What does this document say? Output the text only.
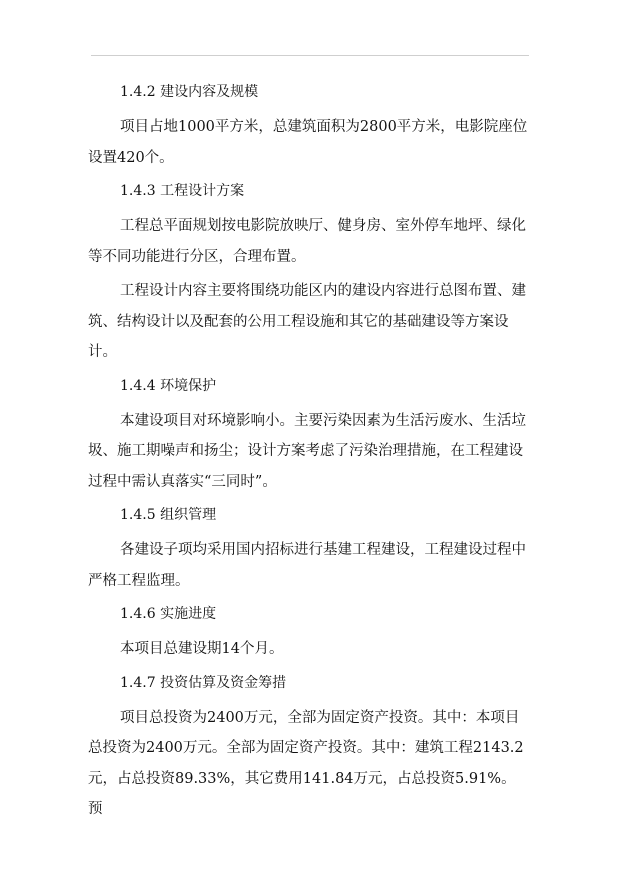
1.4.2 建设内容及规模

项目占地1000平方米，总建筑面积为2800平方米，电影院座位设置420个。

1.4.3 工程设计方案

工程总平面规划按电影院放映厅、健身房、室外停车地坪、绿化等不同功能进行分区，合理布置。

工程设计内容主要将围绕功能区内的建设内容进行总图布置、建筑、结构设计以及配套的公用工程设施和其它的基础建设等方案设计。

1.4.4 环境保护

本建设项目对环境影响小。主要污染因素为生活污废水、生活垃圾、施工期噪声和扬尘；设计方案考虑了污染治理措施，在工程建设过程中需认真落实“三同时”。

1.4.5 组织管理

各建设子项均采用国内招标进行基建工程建设，工程建设过程中严格工程监理。

1.4.6 实施进度

本项目总建设期14个月。

1.4.7 投资估算及资金筹措

项目总投资为2400万元，全部为固定资产投资。其中：本项目总投资为2400万元。全部为固定资产投资。其中：建筑工程2143.2元，占总投资89.33%，其它费用141.84万元，占总投资5.91%。预
